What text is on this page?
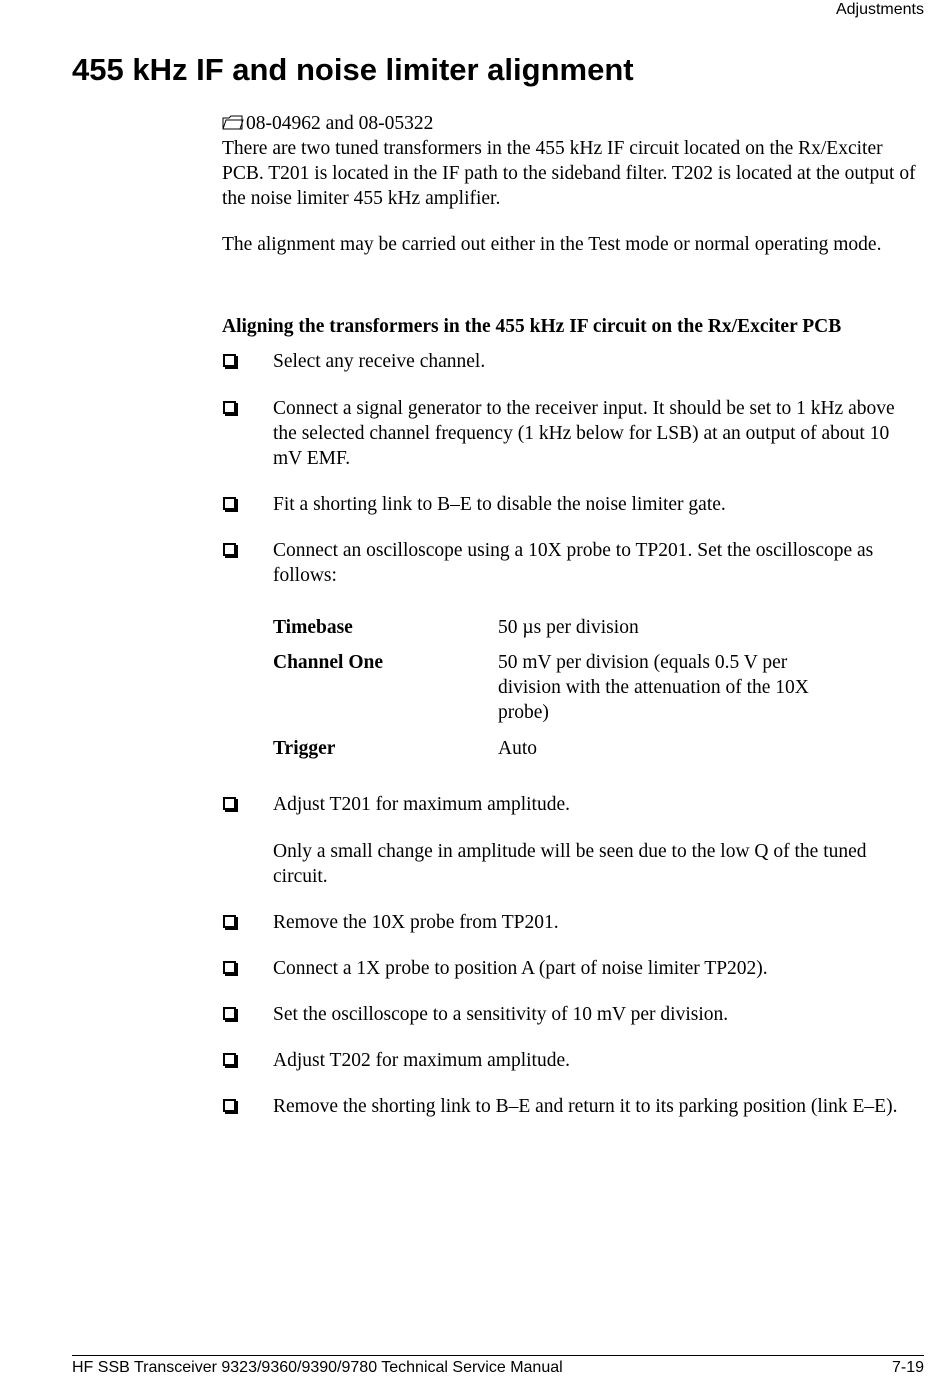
Adjustments
455 kHz IF and noise limiter alignment
08-04962 and 08-05322
There are two tuned transformers in the 455 kHz IF circuit located on the Rx/Exciter PCB. T201 is located in the IF path to the sideband filter. T202 is located at the output of the noise limiter 455 kHz amplifier.
The alignment may be carried out either in the Test mode or normal operating mode.
Aligning the transformers in the 455 kHz IF circuit on the Rx/Exciter PCB
Select any receive channel.
Connect a signal generator to the receiver input. It should be set to 1 kHz above the selected channel frequency (1 kHz below for LSB) at an output of about 10 mV EMF.
Fit a shorting link to B–E to disable the noise limiter gate.
Connect an oscilloscope using a 10X probe to TP201. Set the oscilloscope as follows:
Timebase	50 µs per division
Channel One	50 mV per division (equals 0.5 V per division with the attenuation of the 10X probe)
Trigger	Auto
Adjust T201 for maximum amplitude.
Only a small change in amplitude will be seen due to the low Q of the tuned circuit.
Remove the 10X probe from TP201.
Connect a 1X probe to position A (part of noise limiter TP202).
Set the oscilloscope to a sensitivity of 10 mV per division.
Adjust T202 for maximum amplitude.
Remove the shorting link to B–E and return it to its parking position (link E–E).
HF SSB Transceiver 9323/9360/9390/9780 Technical Service Manual	7-19
